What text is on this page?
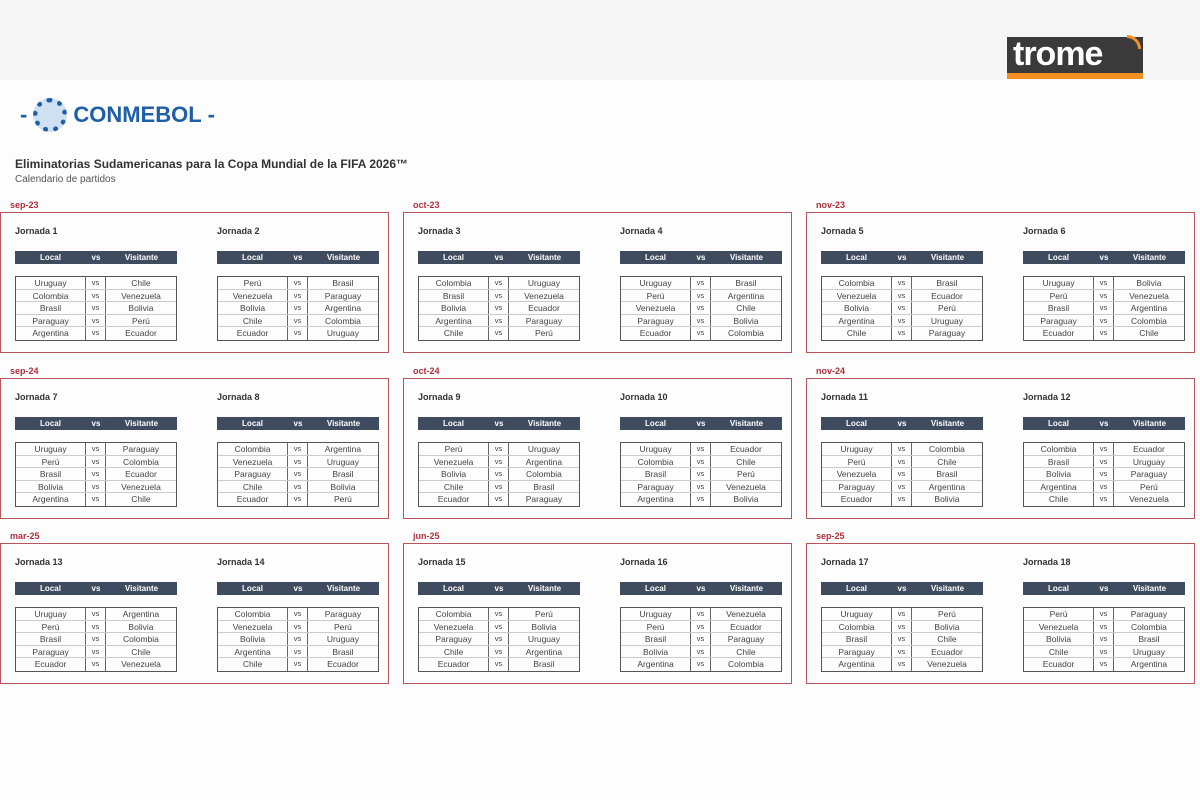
trome
- CONMEBOL -
Eliminatorias Sudamericanas para la Copa Mundial de la FIFA 2026™
Calendario de partidos
sep-23
Jornada 1
Local	vs	Visitante
Uruguay	vs	Chile
Colombia	vs	Venezuela
Brasil	vs	Bolivia
Paraguay	vs	Perú
Argentina	vs	Ecuador
Jornada 2
Local	vs	Visitante
Perú	vs	Brasil
Venezuela	vs	Paraguay
Bolivia	vs	Argentina
Chile	vs	Colombia
Ecuador	vs	Uruguay
oct-23
Jornada 3
Local	vs	Visitante
Colombia	vs	Uruguay
Brasil	vs	Venezuela
Bolivia	vs	Ecuador
Argentina	vs	Paraguay
Chile	vs	Perú
Jornada 4
Local	vs	Visitante
Uruguay	vs	Brasil
Perú	vs	Argentina
Venezuela	vs	Chile
Paraguay	vs	Bolivia
Ecuador	vs	Colombia
nov-23
Jornada 5
Local	vs	Visitante
Colombia	vs	Brasil
Venezuela	vs	Ecuador
Bolivia	vs	Perú
Argentina	vs	Uruguay
Chile	vs	Paraguay
Jornada 6
Local	vs	Visitante
Uruguay	vs	Bolivia
Perú	vs	Venezuela
Brasil	vs	Argentina
Paraguay	vs	Colombia
Ecuador	vs	Chile
sep-24
Jornada 7
Local	vs	Visitante
Uruguay	vs	Paraguay
Perú	vs	Colombia
Brasil	vs	Ecuador
Bolivia	vs	Venezuela
Argentina	vs	Chile
Jornada 8
Local	vs	Visitante
Colombia	vs	Argentina
Venezuela	vs	Uruguay
Paraguay	vs	Brasil
Chile	vs	Bolivia
Ecuador	vs	Perú
oct-24
Jornada 9
Local	vs	Visitante
Perú	vs	Uruguay
Venezuela	vs	Argentina
Bolivia	vs	Colombia
Chile	vs	Brasil
Ecuador	vs	Paraguay
Jornada 10
Local	vs	Visitante
Uruguay	vs	Ecuador
Colombia	vs	Chile
Brasil	vs	Perú
Paraguay	vs	Venezuela
Argentina	vs	Bolivia
nov-24
Jornada 11
Local	vs	Visitante
Uruguay	vs	Colombia
Perú	vs	Chile
Venezuela	vs	Brasil
Paraguay	vs	Argentina
Ecuador	vs	Bolivia
Jornada 12
Local	vs	Visitante
Colombia	vs	Ecuador
Brasil	vs	Uruguay
Bolivia	vs	Paraguay
Argentina	vs	Perú
Chile	vs	Venezuela
mar-25
Jornada 13
Local	vs	Visitante
Uruguay	vs	Argentina
Perú	vs	Bolivia
Brasil	vs	Colombia
Paraguay	vs	Chile
Ecuador	vs	Venezuela
Jornada 14
Local	vs	Visitante
Colombia	vs	Paraguay
Venezuela	vs	Perú
Bolivia	vs	Uruguay
Argentina	vs	Brasil
Chile	vs	Ecuador
jun-25
Jornada 15
Local	vs	Visitante
Colombia	vs	Perú
Venezuela	vs	Bolivia
Paraguay	vs	Uruguay
Chile	vs	Argentina
Ecuador	vs	Brasil
Jornada 16
Local	vs	Visitante
Uruguay	vs	Venezuela
Perú	vs	Ecuador
Brasil	vs	Paraguay
Bolivia	vs	Chile
Argentina	vs	Colombia
sep-25
Jornada 17
Local	vs	Visitante
Uruguay	vs	Perú
Colombia	vs	Bolivia
Brasil	vs	Chile
Paraguay	vs	Ecuador
Argentina	vs	Venezuela
Jornada 18
Local	vs	Visitante
Perú	vs	Paraguay
Venezuela	vs	Colombia
Bolivia	vs	Brasil
Chile	vs	Uruguay
Ecuador	vs	Argentina
